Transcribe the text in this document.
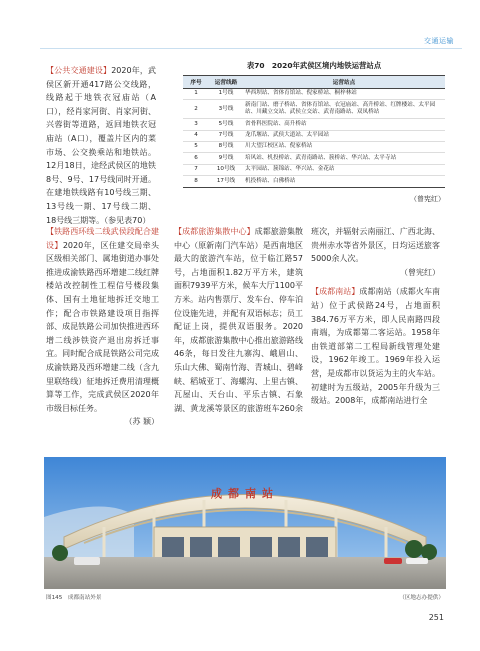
交通运输
【公共交通建设】2020年，武侯区新开通417路公交线路，线路起于地铁衣冠庙站（A口），经肖家河街、肖家河街、兴蓉街等道路，返回地铁衣冠庙站（A口），覆盖片区内的菜市场、公交换乘站和地铁站。12月18日，途经武侯区的地铁8号、9号、17号线同时开通。在建地铁线路有10号线三期、13号线一期、17号线二期、18号线三期等。（参见表70）
表70　2020年武侯区境内地铁运营站点
序号	运营线路	运营站点
1	1号线	华西坝站、省体育馆站、倪家桥站、桐梓林站
2	3号线	新南门站、磨子桥站、省体育馆站、衣冠庙站、高升桥站、红牌楼站、太平园站、川藏立交站、武侯立交站、武青南路站、双凤桥站
3	5号线	省骨科医院站、高升桥站
4	7号线	龙爪堰站、武侯大道站、太平园站
5	8号线	川大望江校区站、倪家桥站
6	9号线	培风站、机投桥站、武青南路站、簇桥站、华兴站、太平寺站
7	10号线	太平园站、簇锦站、华兴站、金花站
8	17号线	机投桥站、白佛桥站
（曾宪红）
【铁路西环线二线武侯段配合建设】2020年，区住建交局牵头区级相关部门、属地街道办事处推进成渝铁路西环增建二线红牌楼站改控制性工程信号楼段集体、国有土地征地拆迁交地工作；配合市铁路建设项目指挥部、成昆铁路公司加快推进西环增二线涉铁资产退出房拆迁事宜。同时配合成昆铁路公司完成成渝铁路及西环增建二线（含九里联络线）征地拆迁费用清理概算等工作，完成武侯区2020年市级目标任务。
（苏 颖）
【成都旅游集散中心】成都旅游集散中心（原新南门汽车站）是西南地区最大的旅游汽车站，位于临江路57号，占地面积1.82万平方米，建筑面积7939平方米，候车大厅1100平方米。站内售票厅、发车台、停车泊位设施先进，并配有双语标志；员工配证上岗，提供双语服务。2020年，成都旅游集散中心推出旅游路线46条，每日发往九寨沟、峨眉山、乐山大佛、蜀南竹海、青城山、碧峰峡、稻城亚丁、海螺沟、上里古镇、瓦屋山、天台山、平乐古镇、石象湖、黄龙溪等景区的旅游班车260余班次，并辐射云南丽江、广西北海、贵州赤水等省外景区，日均运送旅客5000余人次。
（曾宪红）
【成都南站】成都南站（成都火车南站）位于武侯路24号，占地面积384.76万平方米，即人民南路四段南端，为成都第二客运站。1958年由铁道部第二工程局新线管理处建设，1962年竣工。1969年投入运营，是成都市以货运为主的火车站。初建时为五级站，2005年升级为三级站。2008年，成都南站进行全
成都南站
图145　成都南站外景	（区地志办提供）
251
